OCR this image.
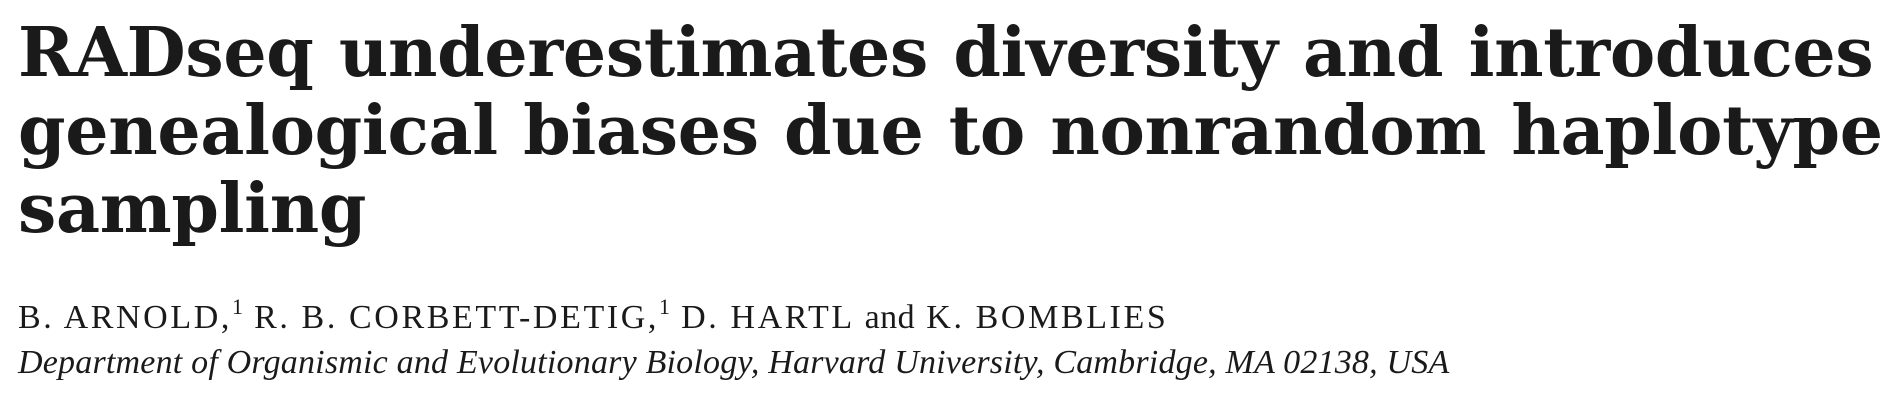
RADseq underestimates diversity and introduces
genealogical biases due to nonrandom haplotype
sampling

B. ARNOLD,$^1$ R. B. CORBETT-DETIG,$^1$ D. HARTL and K. BOMBLIES

Department of Organismic and Evolutionary Biology, Harvard University, Cambridge, MA 02138, USA
